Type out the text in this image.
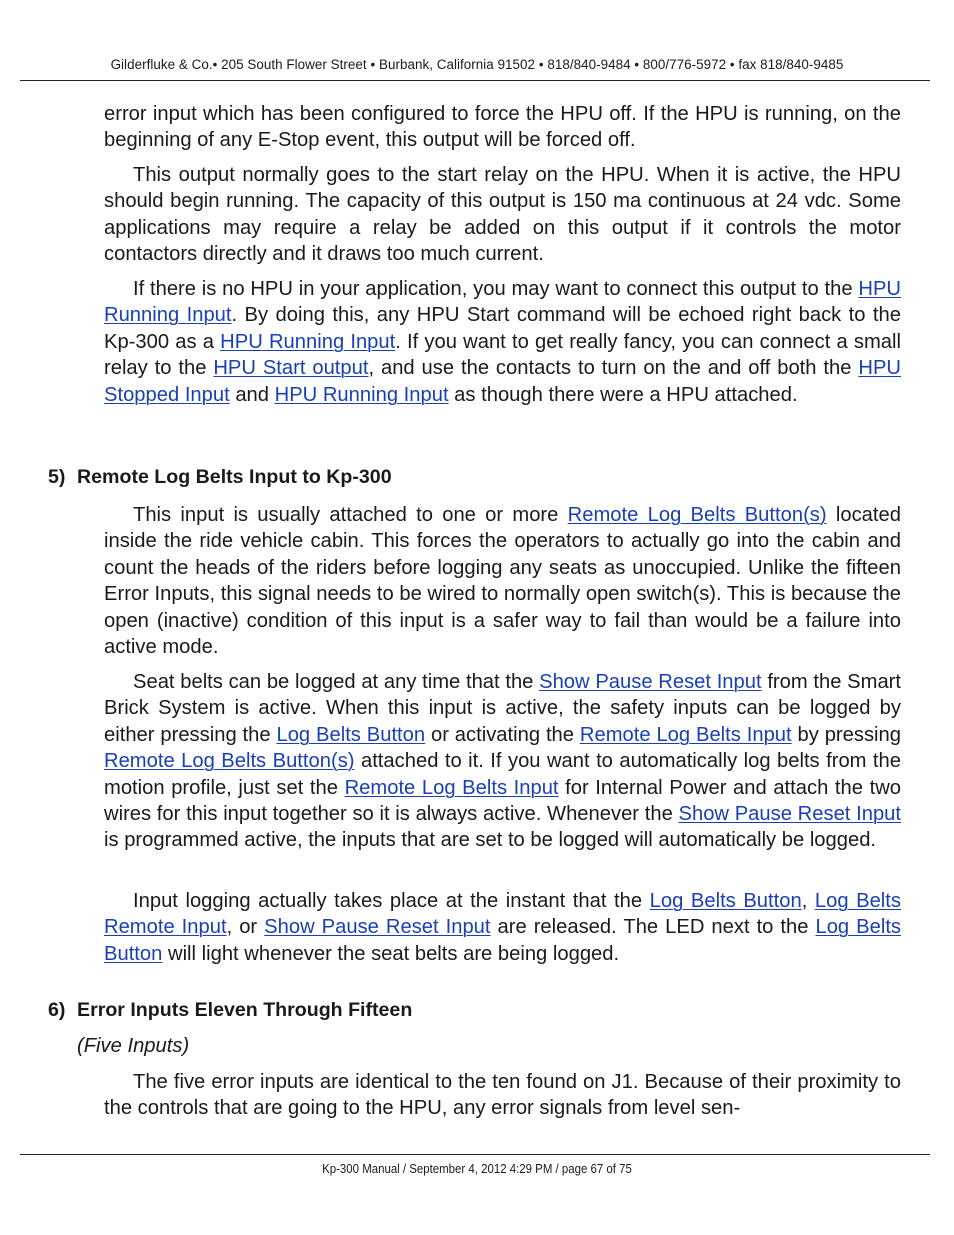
Gilderfluke & Co.• 205 South Flower Street • Burbank, California 91502 • 818/840-9484 • 800/776-5972 • fax 818/840-9485

error input which has been configured to force the HPU off. If the HPU is running, on the beginning of any E-Stop event, this output will be forced off.

This output normally goes to the start relay on the HPU. When it is active, the HPU should begin running. The capacity of this output is 150 ma continuous at 24 vdc. Some applications may require a relay be added on this output if it controls the motor contactors directly and it draws too much current.

If there is no HPU in your application, you may want to connect this output to the HPU Running Input. By doing this, any HPU Start command will be echoed right back to the Kp-300 as a HPU Running Input. If you want to get really fancy, you can connect a small relay to the HPU Start output, and use the contacts to turn on the and off both the HPU Stopped Input and HPU Running Input as though there were a HPU attached.

5) Remote Log Belts Input to Kp-300

This input is usually attached to one or more Remote Log Belts Button(s) located inside the ride vehicle cabin. This forces the operators to actually go into the cabin and count the heads of the riders before logging any seats as unoccupied. Unlike the fifteen Error Inputs, this signal needs to be wired to normally open switch(s). This is because the open (inactive) condition of this input is a safer way to fail than would be a failure into active mode.

Seat belts can be logged at any time that the Show Pause Reset Input from the Smart Brick System is active. When this input is active, the safety inputs can be logged by either pressing the Log Belts Button or activating the Remote Log Belts Input by pressing Remote Log Belts Button(s) attached to it. If you want to automatically log belts from the motion profile, just set the Remote Log Belts Input for Internal Power and attach the two wires for this input together so it is always active. Whenever the Show Pause Reset Input is programmed active, the inputs that are set to be logged will automatically be logged.

Input logging actually takes place at the instant that the Log Belts Button, Log Belts Remote Input, or Show Pause Reset Input are released. The LED next to the Log Belts Button will light whenever the seat belts are being logged.

6) Error Inputs Eleven Through Fifteen

(Five Inputs)

The five error inputs are identical to the ten found on J1. Because of their proximity to the controls that are going to the HPU, any error signals from level sen-

Kp-300 Manual / September 4, 2012 4:29 PM / page 67 of 75
